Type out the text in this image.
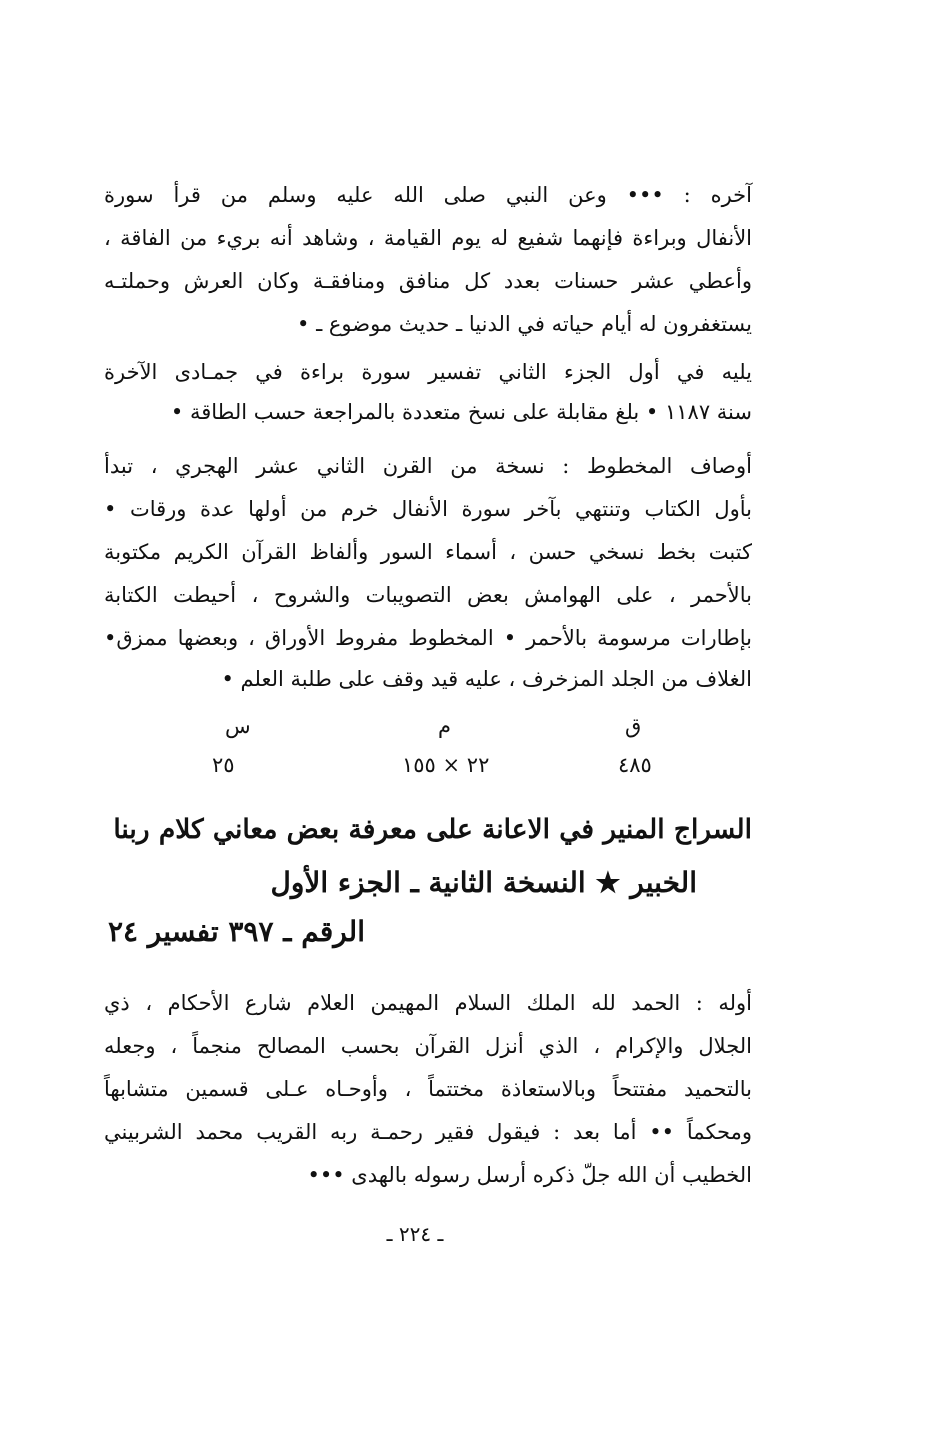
آخره : ••• وعن النبي صلى الله عليه وسلم من قرأ سورة
الأنفال وبراءة فإنهما شفيع له يوم القيامة ، وشاهد أنه بريء من الفاقة ،
وأعطي عشر حسنات بعدد كل منافق ومنافقـة وكان العرش وحملتـه
يستغفرون له أيام حياته في الدنيا ـ حديث موضوع ـ •
يليه في أول الجزء الثاني تفسير سورة براءة في جمـادى الآخرة
سنة ١١٨٧ • بلغ مقابلة على نسخ متعددة بالمراجعة حسب الطاقة •
أوصاف المخطوط : نسخة من القرن الثاني عشر الهجري ، تبدأ
بأول الكتاب وتنتهي بآخر سورة الأنفال خرم من أولها عدة ورقات •
كتبت بخط نسخي حسن ، أسماء السور وألفاظ القرآن الكريم مكتوبة
بالأحمر ، على الهوامش بعض التصويبات والشروح ، أحيطت الكتابة
بإطارات مرسومة بالأحمر • المخطوط مفروط الأوراق ، وبعضها ممزق•
الغلاف من الجلد المزخرف ، عليه قيد وقف على طلبة العلم •
ق
م
س
٤٨٥
٢٢ × ١٥٥
٢٥
السراج المنير في الاعانة على معرفة بعض معاني كلام ربنا
الخبير ★ النسخة الثانية ـ الجزء الأول
الرقم ـ ٣٩٧ تفسير ٢٤
أوله : الحمد لله الملك السلام المهيمن العلام شارع الأحكام ، ذي
الجلال والإكرام ، الذي أنزل القرآن بحسب المصالح منجماً ، وجعله
بالتحميد مفتتحاً وبالاستعاذة مختتماً ، وأوحـاه عـلى قسمين متشابهاً
ومحكماً •• أما بعد : فيقول فقير رحمـة ربه القريب محمد الشربيني
الخطيب أن الله جلّ ذكره أرسل رسوله بالهدى •••
ـ ٢٢٤ ـ
